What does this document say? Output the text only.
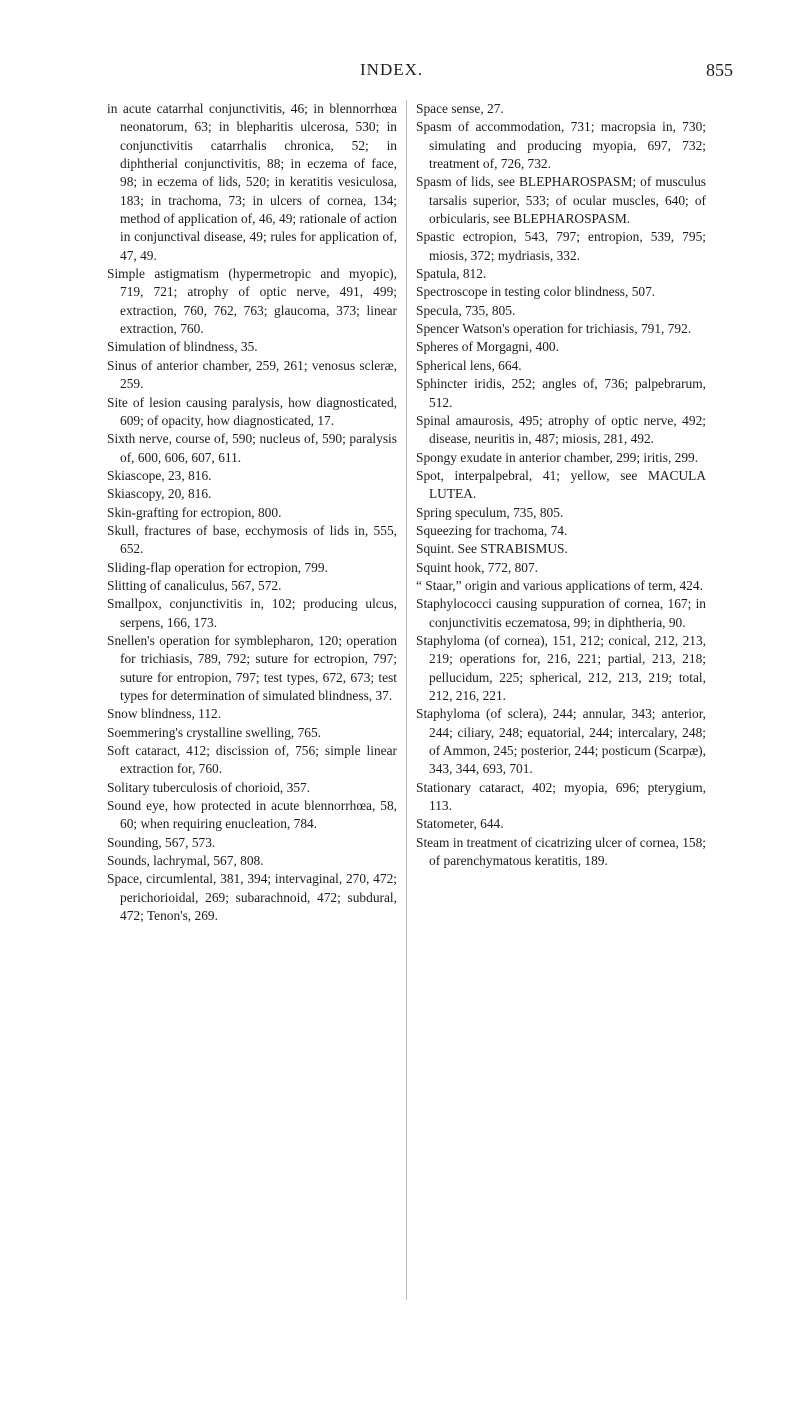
INDEX.	855

in acute catarrhal conjunctivitis, 46; in blennorrhœa neonatorum, 63; in blepharitis ulcerosa, 530; in conjunctivitis catarrhalis chronica, 52; in diphtherial conjunctivitis, 88; in eczema of face, 98; in eczema of lids, 520; in keratitis vesiculosa, 183; in trachoma, 73; in ulcers of cornea, 134; method of application of, 46, 49; rationale of action in conjunctival disease, 49; rules for application of, 47, 49.

Simple astigmatism (hypermetropic and myopic), 719, 721; atrophy of optic nerve, 491, 499; extraction, 760, 762, 763; glaucoma, 373; linear extraction, 760.

Simulation of blindness, 35.

Sinus of anterior chamber, 259, 261; venosus scleræ, 259.

Site of lesion causing paralysis, how diagnosticated, 609; of opacity, how diagnosticated, 17.

Sixth nerve, course of, 590; nucleus of, 590; paralysis of, 600, 606, 607, 611.

Skiascope, 23, 816.

Skiascopy, 20, 816.

Skin-grafting for ectropion, 800.

Skull, fractures of base, ecchymosis of lids in, 555, 652.

Sliding-flap operation for ectropion, 799.

Slitting of canaliculus, 567, 572.

Smallpox, conjunctivitis in, 102; producing ulcus, serpens, 166, 173.

Snellen's operation for symblepharon, 120; operation for trichiasis, 789, 792; suture for ectropion, 797; suture for entropion, 797; test types, 672, 673; test types for determination of simulated blindness, 37.

Snow blindness, 112.

Soemmering's crystalline swelling, 765.

Soft cataract, 412; discission of, 756; simple linear extraction for, 760.

Solitary tuberculosis of chorioid, 357.

Sound eye, how protected in acute blennorrhœa, 58, 60; when requiring enucleation, 784.

Sounding, 567, 573.

Sounds, lachrymal, 567, 808.

Space, circumlental, 381, 394; intervaginal, 270, 472; perichorioidal, 269; subarachnoid, 472; subdural, 472; Tenon's, 269.

Space sense, 27.

Spasm of accommodation, 731; macropsia in, 730; simulating and producing myopia, 697, 732; treatment of, 726, 732.

Spasm of lids, see BLEPHAROSPASM; of musculus tarsalis superior, 533; of ocular muscles, 640; of orbicularis, see BLEPHAROSPASM.

Spastic ectropion, 543, 797; entropion, 539, 795; miosis, 372; mydriasis, 332.

Spatula, 812.

Spectroscope in testing color blindness, 507.

Specula, 735, 805.

Spencer Watson's operation for trichiasis, 791, 792.

Spheres of Morgagni, 400.

Spherical lens, 664.

Sphincter iridis, 252; angles of, 736; palpebrarum, 512.

Spinal amaurosis, 495; atrophy of optic nerve, 492; disease, neuritis in, 487; miosis, 281, 492.

Spongy exudate in anterior chamber, 299; iritis, 299.

Spot, interpalpebral, 41; yellow, see MACULA LUTEA.

Spring speculum, 735, 805.

Squeezing for trachoma, 74.

Squint. See STRABISMUS.

Squint hook, 772, 807.

“ Staar,” origin and various applications of term, 424.

Staphylococci causing suppuration of cornea, 167; in conjunctivitis eczematosa, 99; in diphtheria, 90.

Staphyloma (of cornea), 151, 212; conical, 212, 213, 219; operations for, 216, 221; partial, 213, 218; pellucidum, 225; spherical, 212, 213, 219; total, 212, 216, 221.

Staphyloma (of sclera), 244; annular, 343; anterior, 244; ciliary, 248; equatorial, 244; intercalary, 248; of Ammon, 245; posterior, 244; posticum (Scarpæ), 343, 344, 693, 701.

Stationary cataract, 402; myopia, 696; pterygium, 113.

Statometer, 644.

Steam in treatment of cicatrizing ulcer of cornea, 158; of parenchymatous keratitis, 189.
